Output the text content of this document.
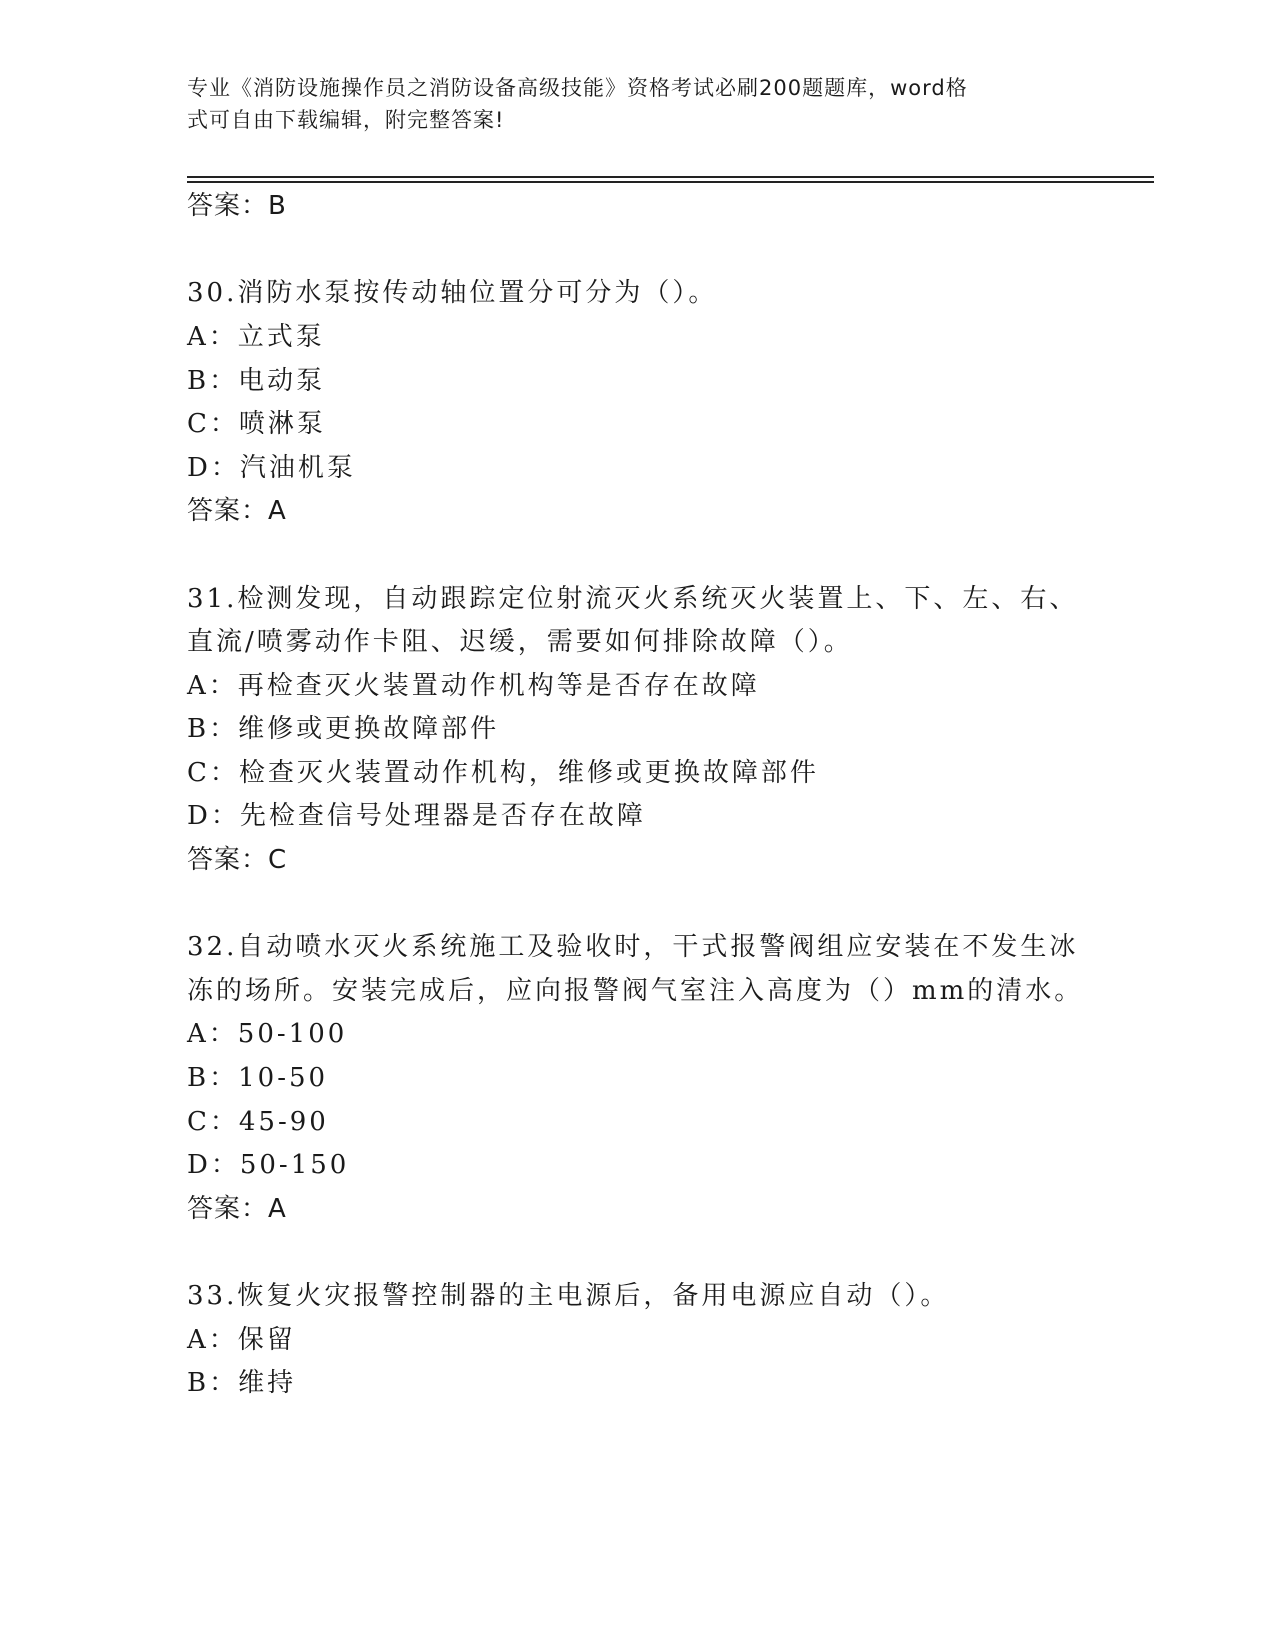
专业《消防设施操作员之消防设备高级技能》资格考试必刷200题题库，word格
式可自由下载编辑，附完整答案!
答案：B
30.消防水泵按传动轴位置分可分为（）。
A：立式泵
B：电动泵
C：喷淋泵
D：汽油机泵
答案：A
31.检测发现，自动跟踪定位射流灭火系统灭火装置上、下、左、右、
直流/喷雾动作卡阻、迟缓，需要如何排除故障（）。
A：再检查灭火装置动作机构等是否存在故障
B：维修或更换故障部件
C：检查灭火装置动作机构，维修或更换故障部件
D：先检查信号处理器是否存在故障
答案：C
32.自动喷水灭火系统施工及验收时，干式报警阀组应安装在不发生冰
冻的场所。安装完成后，应向报警阀气室注入高度为（）mm的清水。
A：50-100
B：10-50
C：45-90
D：50-150
答案：A
33.恢复火灾报警控制器的主电源后，备用电源应自动（）。
A：保留
B：维持
